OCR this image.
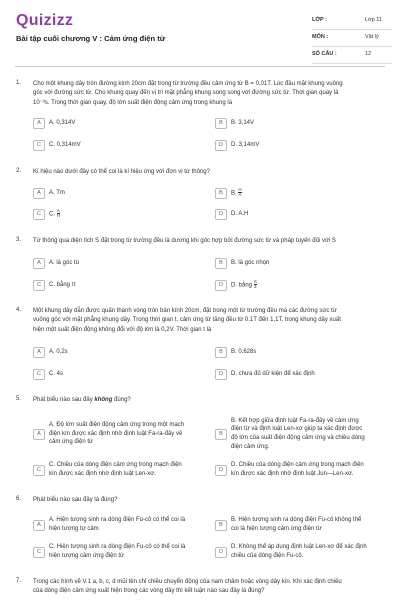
Quizizz
Bài tập cuối chương V : Cảm ứng điện từ
LỚP :	Lớp 11
MÔN :	Vật lý
SỐ CÂU :	12
1. Cho một khung dây tròn đường kính 20cm đặt trong từ trường đều cảm ứng từ B = 0,01T. Lúc đầu mặt khung vuông
góc với đường sức từ. Cho khung quay đến vị trí mặt phẳng khung song song với đường sức từ. Thời gian quay là
10⁻³s. Trong thời gian quay, độ lớn suất điện động cảm ứng trong khung là
A	A. 0,314V	B	B. 3,14V
C	C. 0,314mV	D	D. 3,14mV
2. Kí hiệu nào dưới đây có thể coi là kí hiệu ứng với đơn vị từ thông?
A	A. Tm	B	B. $\frac{H}{A}$
C	C. $\frac{A}{H}$	D	D. A.H
3. Từ thông qua diện tích S đặt trong từ trường đều là dương khi góc hợp bởi đường sức từ và pháp tuyến đối với S
A	A. là góc tù	B	B. là góc nhọn
C	C. bằng π	D	D. bằng $\frac{\pi}{2}$
4. Một khung dây dẫn được quấn thành vòng tròn bán kính 20cm, đặt trong một từ trường đều mà các đường sức từ
vuông góc với mặt phẳng khung dây. Trong thời gian t, cảm ứng từ tăng đều từ 0,1T đến 1,1T, trong khung dây xuất
hiện một suất điện động không đổi với độ lớn là 0,2V. Thời gian t là
A	A. 0,2s	B	B. 0,628s
C	C. 4s	D	D. chưa đủ dữ kiện để xác định
5. Phát biểu nào sau đây không đúng?
A
A. Độ lớn suất điện động cảm ứng trong một mạch
điện kín được xác định nhờ định luật Fa-ra-đây về
cảm ứng điện từ
B
B. Kết hợp giữa định luật Fa-ra-đây về cảm ứng
điện từ và định luật Len-xơ giúp ta xác định được
độ lớn của suất điện động cảm ứng và chiều dòng
điện cảm ứng.
C
C. Chiều của dòng điện cảm ứng trong mạch điện
kín được xác định nhờ định luật Len-xơ.
D
D. Chiều của dòng điện cảm ứng trong mạch điện
kín được xác định nhờ định luật Jun—Len-xơ.
6. Phát biểu nào sau đây là đúng?
A
A. Hiện tượng sinh ra dòng điện Fu-cô có thể coi là
hiện tượng tự cảm
B
B. Hiện tượng sinh ra dòng điện Fu-cô không thể
coi là hiện tượng cảm ứng điện từ
C
C. Hiện tượng sinh ra dòng điện Fu-cô có thể coi là
hiện tượng cảm ứng điện từ
D
D. Không thể áp dụng định luật Len-xơ để xác định
chiều của dòng điện Fu-cô.
7. Trong các hình vẽ V.1 a, b, c, d mũi tên chỉ chiều chuyển động của nam châm hoặc vòng dây kín. Khi xác định chiều
của dòng điện cảm ứng xuất hiện trong các vòng dây thì kết luận nào sau đây là đúng?
